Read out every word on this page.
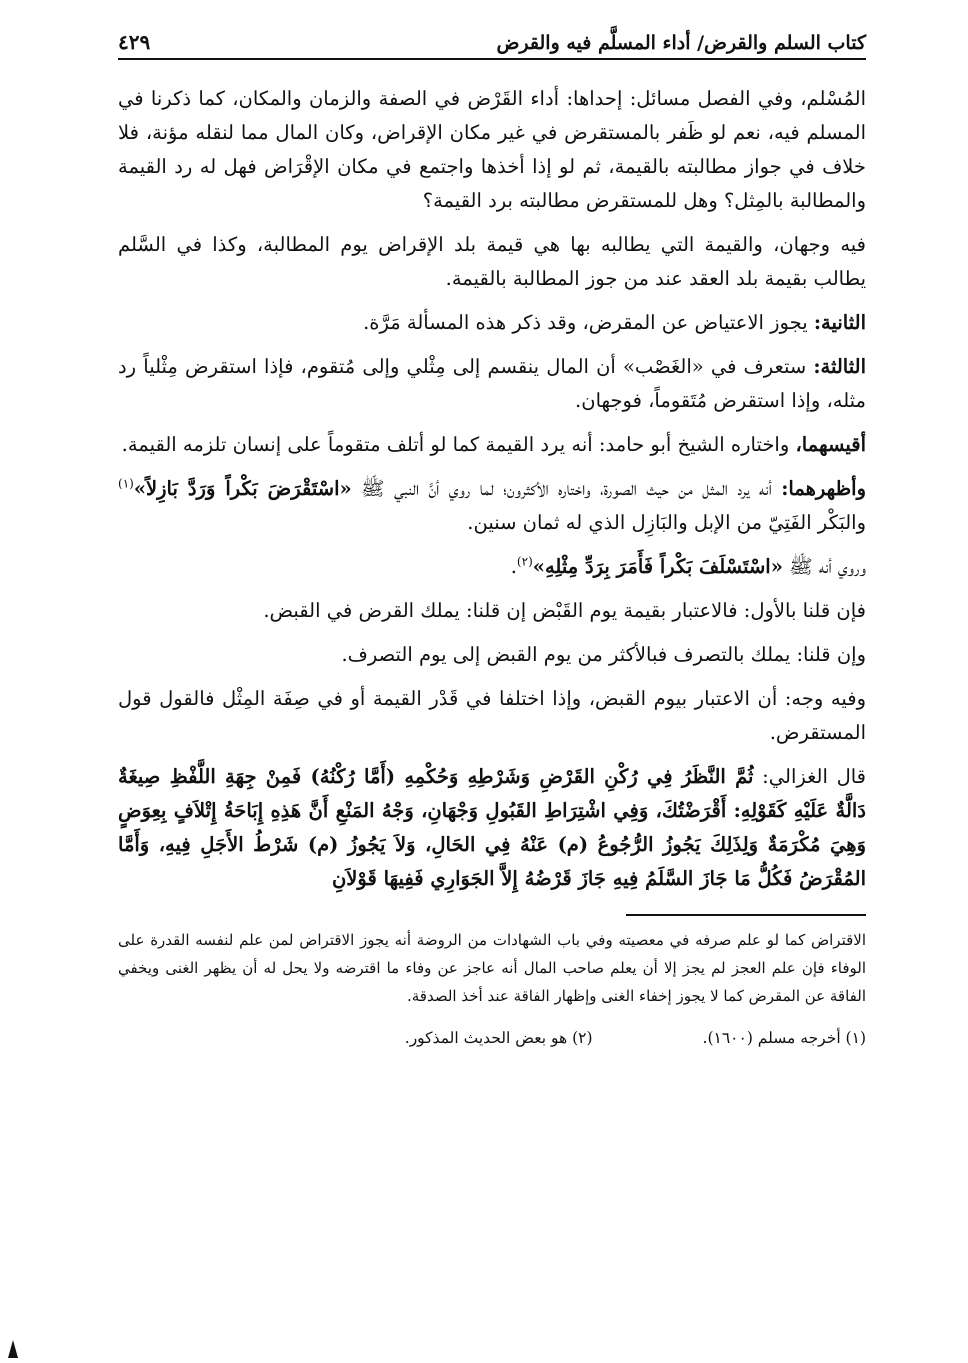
كتاب السلم والقرض/ أداء المسلَّم فيه والقرض
٤٢٩

المُسْلم، وفي الفصل مسائل: إحداها: أداء القَرْض في الصفة والزمان والمكان، كما ذكرنا في المسلم فيه، نعم لو ظَفر بالمستقرض في غير مكان الإقراض، وكان المال مما لنقله مؤنة، فلا خلاف في جواز مطالبته بالقيمة، ثم لو إذا أخذها واجتمع في مكان الإقْرَاض فهل له رد القيمة والمطالبة بالمِثل؟ وهل للمستقرض مطالبته برد القيمة؟

فيه وجهان، والقيمة التي يطالبه بها هي قيمة بلد الإقراض يوم المطالبة، وكذا في السَّلم يطالب بقيمة بلد العقد عند من جوز المطالبة بالقيمة.

الثانية: يجوز الاعتياض عن المقرض، وقد ذكر هذه المسألة مَرَّة.

الثالثة: ستعرف في «الغَصْب» أن المال ينقسم إلى مِثْلي وإلى مُتقوم، فإذا استقرض مِثْلياً رد مثله، وإذا استقرض مُتَقوماً، فوجهان.

أقيسهما، واختاره الشيخ أبو حامد: أنه يرد القيمة كما لو أتلف متقوماً على إنسان تلزمه القيمة.

وأظهرهما: أنه يرد المثل من حيث الصورة، واختاره الأكثرون؛ لما روي أنَّ النبي ﷺ «اسْتَقْرَضَ بَكْراً وَرَدَّ بَازِلاً»$^{(١)}$ والبَكْر الفَتِيّ من الإبل والبَازِل الذي له ثمان سنين.

وروي أنه ﷺ «اسْتَسْلَفَ بَكْراً فَأَمَرَ بِرَدِّ مِثْلِهِ»$^{(٢)}$.

فإن قلنا بالأول: فالاعتبار بقيمة يوم القَبْض إن قلنا: يملك القرض في القبض.

وإن قلنا: يملك بالتصرف فبالأكثر من يوم القبض إلى يوم التصرف.

وفيه وجه: أن الاعتبار بيوم القبض، وإذا اختلفا في قَدْر القيمة أو في صِفَة المِثْل فالقول قول المستقرض.

قال الغزالي: ثُمَّ النَّظَرُ فِي رُكْنِ القَرْضِ وَشَرْطِهِ وَحُكْمِهِ (أَمَّا رُكْنُهُ) فَمِنْ جِهَةِ اللَّفْظِ صِيغَةٌ دَالَّةٌ عَلَيْهِ كَقَوْلِهِ: أَقْرَضْتُكَ، وَفِي اشْتِرَاطِ القَبُولِ وَجْهَانِ، وَجْهُ المَنْعِ أَنَّ هَذِهِ إِبَاحَةُ إِتْلاَفٍ بِعِوَضٍ وَهِيَ مُكْرَمَةٌ وَلِذَلِكَ يَجُوزُ الرُّجُوعُ (م) عَنْهُ فِي الحَالِ، وَلاَ يَجُوزُ (م) شَرْطُ الأَجَلِ فِيهِ، وَأَمَّا المُقْرَضُ فَكُلُّ مَا جَازَ السَّلَمُ فِيهِ جَازَ قَرْضُهُ إِلاَّ الجَوَارِي فَفِيهَا قَوْلاَنِ

الاقتراض كما لو علم صرفه في معصيته وفي باب الشهادات من الروضة أنه يجوز الاقتراض لمن علم لنفسه القدرة على الوفاء فإن علم العجز لم يجز إلا أن يعلم صاحب المال أنه عاجز عن وفاء ما اقترضه ولا يحل له أن يظهر الغنى ويخفي الفاقة عن المقرض كما لا يجوز إخفاء الغنى وإظهار الفاقة عند أخذ الصدقة.

(١) أخرجه مسلم (١٦٠٠).
(٢) هو بعض الحديث المذكور.
